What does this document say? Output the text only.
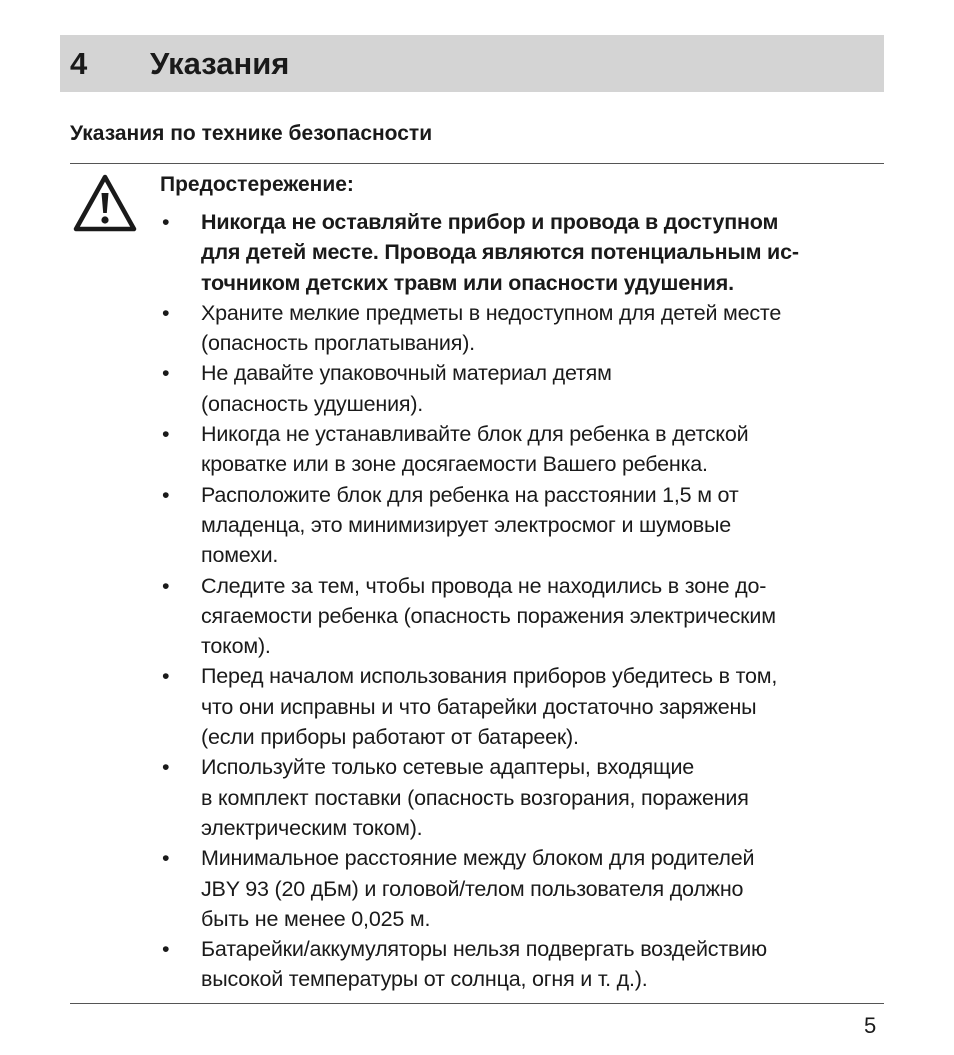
4 Указания
Указания по технике безопасности
Предостережение:
• Никогда не оставляйте прибор и провода в доступном
для детей месте. Провода являются потенциальным ис-
точником детских травм или опасности удушения.
• Храните мелкие предметы в недоступном для детей месте
(опасность проглатывания).
• Не давайте упаковочный материал детям
(опасность удушения).
• Никогда не устанавливайте блок для ребенка в детской
кроватке или в зоне досягаемости Вашего ребенка.
• Расположите блок для ребенка на расстоянии 1,5 м от
младенца, это минимизирует электросмог и шумовые
помехи.
• Следите за тем, чтобы провода не находились в зоне до-
сягаемости ребенка (опасность поражения электрическим
током).
• Перед началом использования приборов убедитесь в том,
что они исправны и что батарейки достаточно заряжены
(если приборы работают от батареек).
• Используйте только сетевые адаптеры, входящие
в комплект поставки (опасность возгорания, поражения
электрическим током).
• Минимальное расстояние между блоком для родителей
JBY 93 (20 дБм) и головой/телом пользователя должно
быть не менее 0,025 м.
• Батарейки/аккумуляторы нельзя подвергать воздействию
высокой температуры от солнца, огня и т. д.).
5
